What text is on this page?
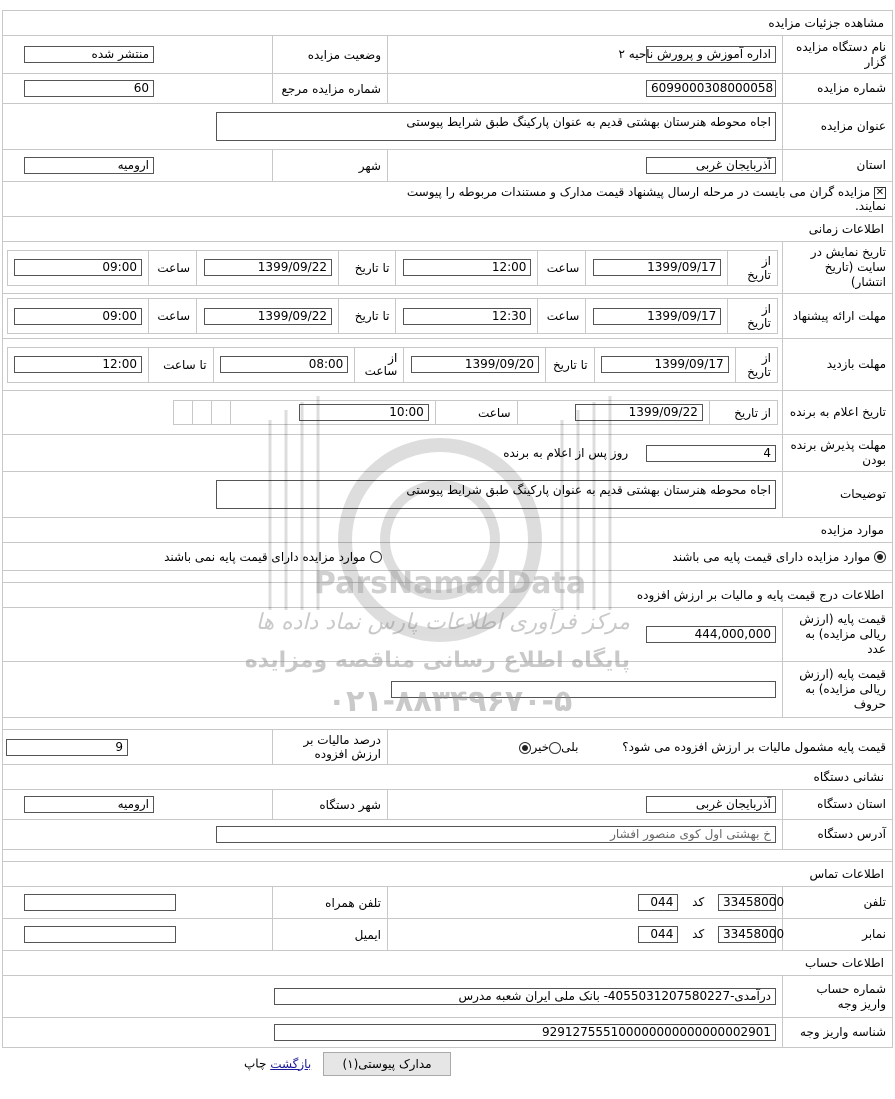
مشاهده جزئیات مزایده
نام دستگاه مزایده گزار	اداره آموزش و پرورش ناحیه ۲	وضعیت مزایده	منتشر شده
شماره مزایده	6099000308000058	شماره مزایده مرجع	60
عنوان مزایده	اجاه محوطه هنرستان بهشتی قدیم به عنوان پارکینگ طبق شرایط پیوستی
استان	آذربایجان غربی	شهر	ارومیه
✕ مزایده گران می بایست در مرحله ارسال پیشنهاد قیمت مدارک و مستندات مربوطه را پیوست نمایند.	
اطلاعات زمانی
تاریخ نمایش در سایت (تاریخ انتشار)	
از تاریخ	1399/09/17	ساعت	12:00	تا تاریخ	1399/09/22	ساعت	09:00

مهلت ارائه پیشنهاد	
از تاریخ	1399/09/17	ساعت	12:30	تا تاریخ	1399/09/22	ساعت	09:00

مهلت بازدید	
از تاریخ	1399/09/17	تا تاریخ	1399/09/20	از ساعت	08:00	تا ساعت	12:00

تاریخ اعلام به برنده	
از تاریخ	1399/09/22	ساعت	10:00			

مهلت پذیرش برنده بودن	4 روز پس از اعلام به برنده
توضیحات	اجاه محوطه هنرستان بهشتی قدیم به عنوان پارکینگ طبق شرایط پیوستی
موارد مزایده
موارد مزایده دارای قیمت پایه می باشند	موارد مزایده دارای قیمت پایه نمی باشند

اطلاعات درج قیمت پایه و مالیات بر ارزش افزوده
قیمت پایه (ارزش ریالی مزایده) به عدد	444,000,000
قیمت پایه (ارزش ریالی مزایده) به حروف	

قیمت پایه مشمول مالیات بر ارزش افزوده می شود؟ بلیخیر	درصد مالیات بر ارزش افزوده	9
نشانی دستگاه
استان دستگاه	آذربایجان غربی	شهر دستگاه	ارومیه
آدرس دستگاه	خ بهشتی اول کوی منصور افشار

اطلاعات تماس
تلفن	33458000 کد 044	تلفن همراه	
نمابر	33458000 کد 044	ایمیل	
اطلاعات حساب
شماره حساب واریز وجه	درآمدی-4055031207580227- بانک ملی ایران شعبه مدرس
شناسه واریز وجه	929127555100000000000000002901
مدارک پیوستی(۱) بازگشت چاپ
ParsNamadData
مرکز فرآوری اطلاعات پارس نماد داده ها
پایگاه اطلاع رسانی مناقصه ومزایده
۰۲۱-۸۸۳۴۹۶۷۰-۵
